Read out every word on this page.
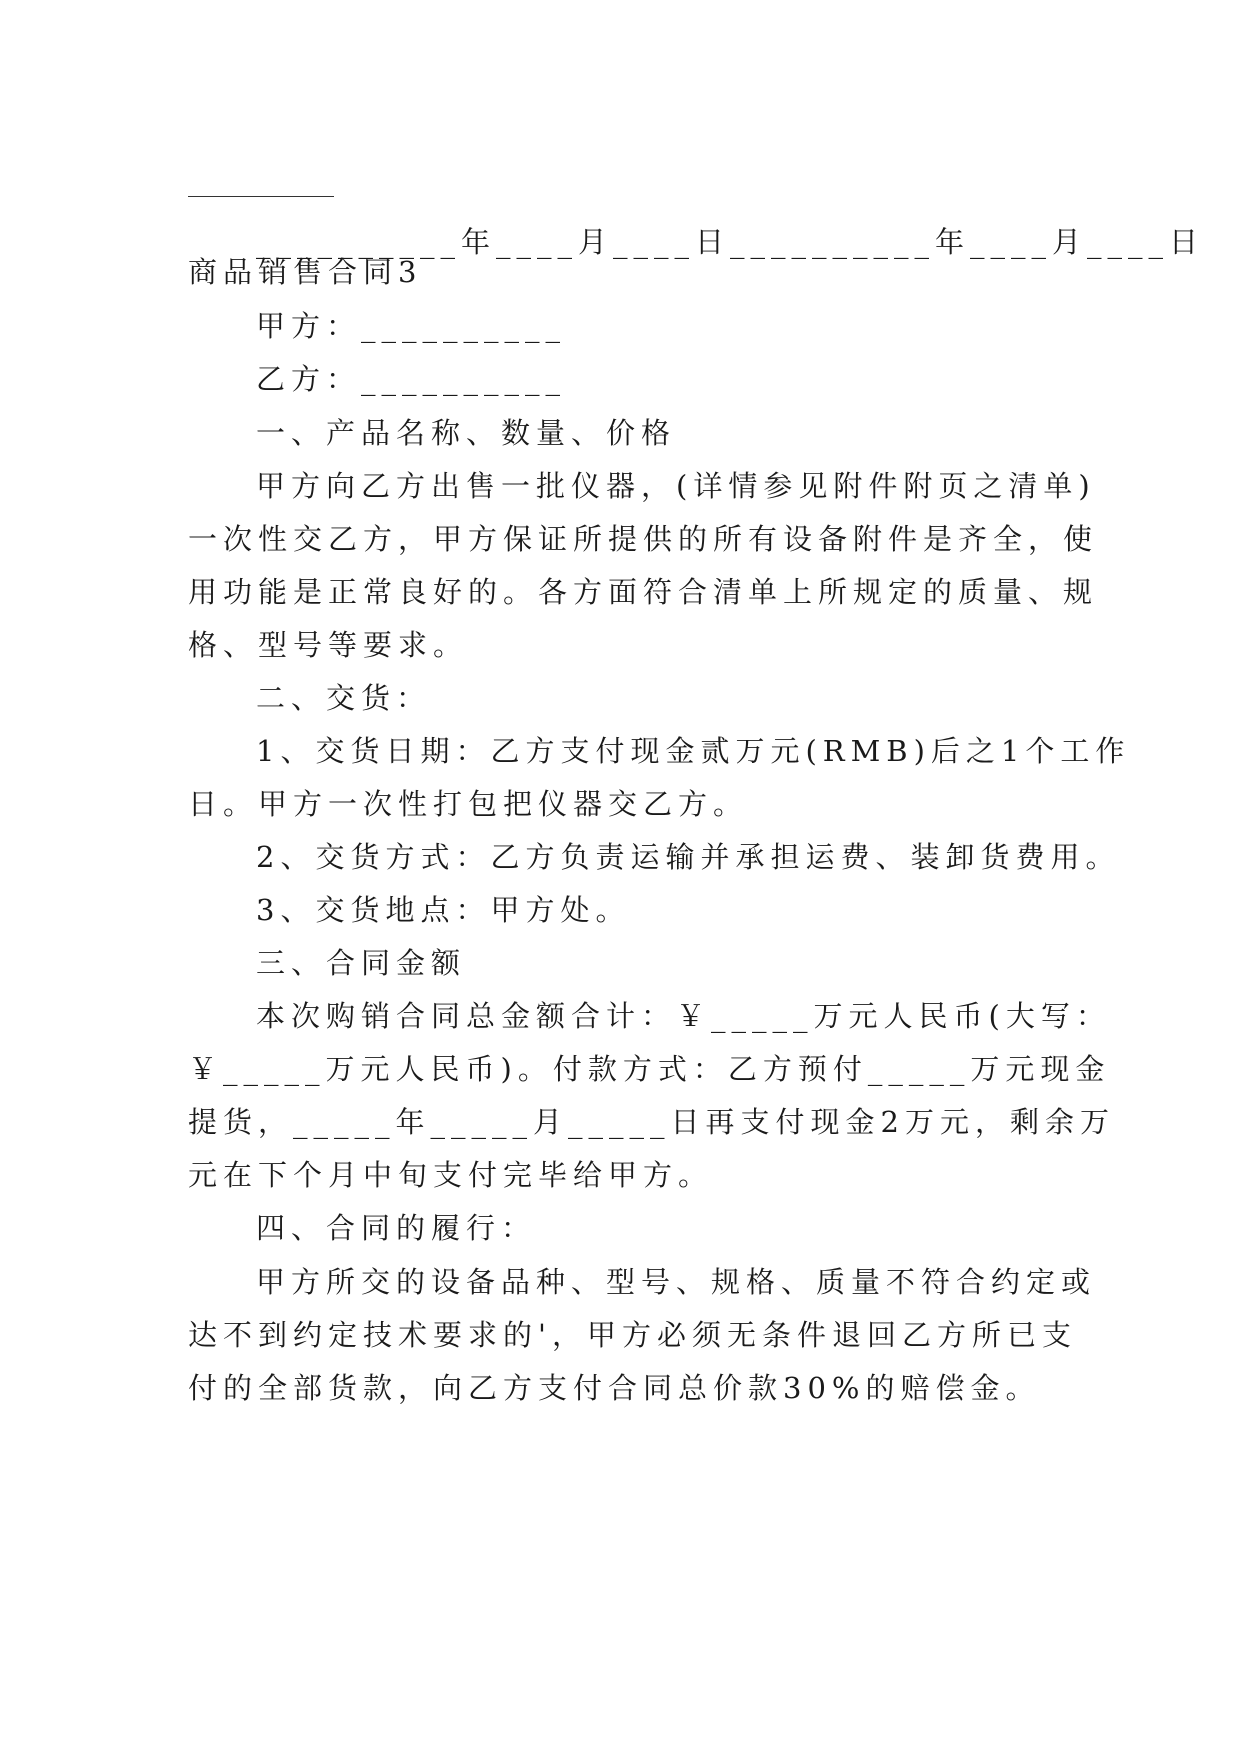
__________年____月____日__________年____月____日
商品销售合同3
甲方：__________
乙方：__________
一、产品名称、数量、价格
甲方向乙方出售一批仪器，(详情参见附件附页之清单)
一次性交乙方，甲方保证所提供的所有设备附件是齐全，使
用功能是正常良好的。各方面符合清单上所规定的质量、规
格、型号等要求。
二、交货：
1、交货日期：乙方支付现金贰万元(RMB)后之1个工作
日。甲方一次性打包把仪器交乙方。
2、交货方式：乙方负责运输并承担运费、装卸货费用。
3、交货地点：甲方处。
三、合同金额
本次购销合同总金额合计：￥_____万元人民币(大写：
￥_____万元人民币)。付款方式：乙方预付_____万元现金
提货，_____年_____月_____日再支付现金2万元，剩余万
元在下个月中旬支付完毕给甲方。
四、合同的履行：
甲方所交的设备品种、型号、规格、质量不符合约定或
达不到约定技术要求的'，甲方必须无条件退回乙方所已支
付的全部货款，向乙方支付合同总价款30%的赔偿金。
